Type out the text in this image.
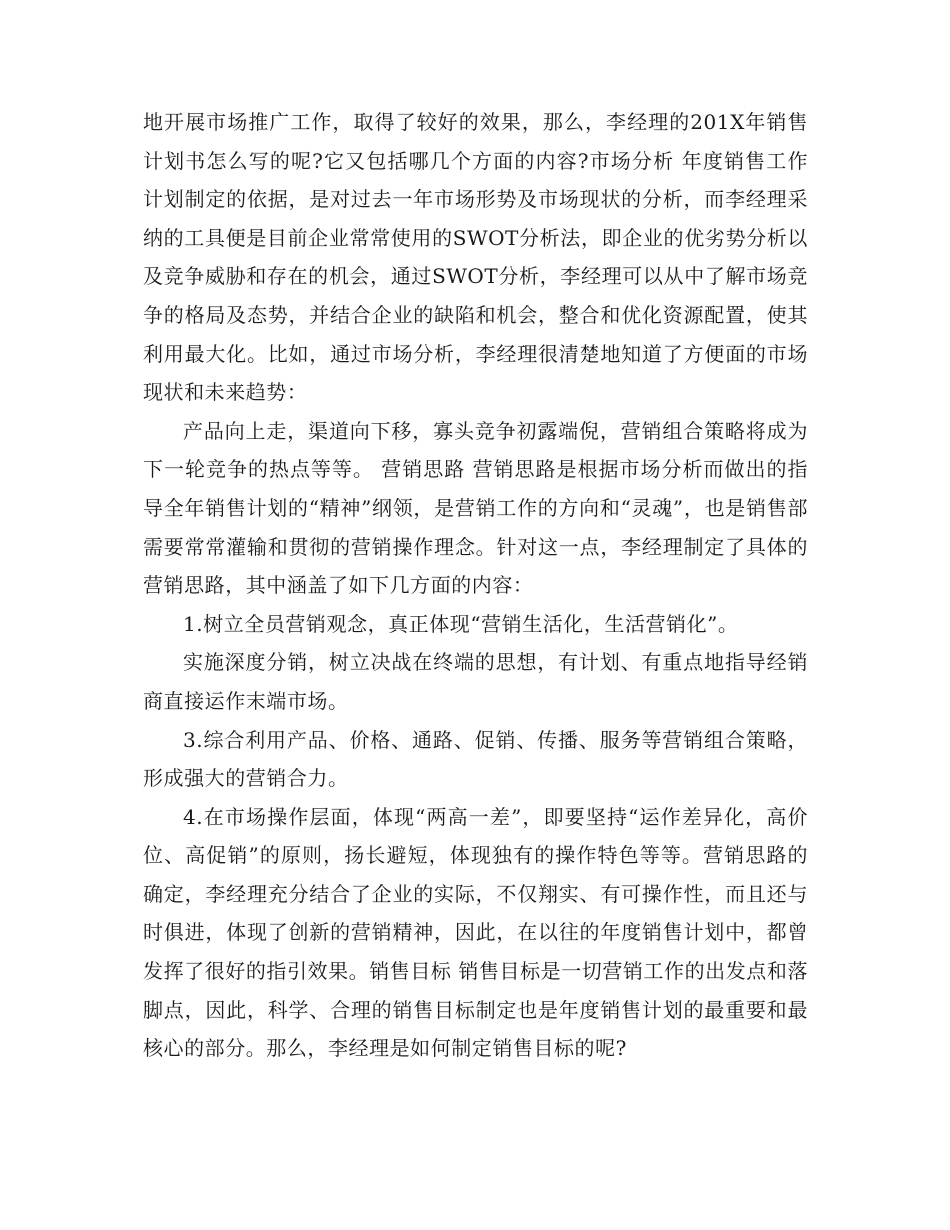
地开展市场推广工作，取得了较好的效果，那么，李经理的201X年销售计划书怎么写的呢?它又包括哪几个方面的内容?市场分析 年度销售工作计划制定的依据，是对过去一年市场形势及市场现状的分析，而李经理采纳的工具便是目前企业常常使用的SWOT分析法，即企业的优劣势分析以及竞争威胁和存在的机会，通过SWOT分析，李经理可以从中了解市场竞争的格局及态势，并结合企业的缺陷和机会，整合和优化资源配置，使其利用最大化。比如，通过市场分析，李经理很清楚地知道了方便面的市场现状和未来趋势：

产品向上走，渠道向下移，寡头竞争初露端倪，营销组合策略将成为下一轮竞争的热点等等。 营销思路 营销思路是根据市场分析而做出的指导全年销售计划的“精神”纲领，是营销工作的方向和“灵魂”，也是销售部需要常常灌输和贯彻的营销操作理念。针对这一点，李经理制定了具体的营销思路，其中涵盖了如下几方面的内容：

1.树立全员营销观念，真正体现“营销生活化，生活营销化”。

实施深度分销，树立决战在终端的思想，有计划、有重点地指导经销商直接运作末端市场。

3.综合利用产品、价格、通路、促销、传播、服务等营销组合策略，形成强大的营销合力。

4.在市场操作层面，体现“两高一差”，即要坚持“运作差异化，高价位、高促销”的原则，扬长避短，体现独有的操作特色等等。营销思路的确定，李经理充分结合了企业的实际，不仅翔实、有可操作性，而且还与时俱进，体现了创新的营销精神，因此，在以往的年度销售计划中，都曾发挥了很好的指引效果。销售目标 销售目标是一切营销工作的出发点和落脚点，因此，科学、合理的销售目标制定也是年度销售计划的最重要和最核心的部分。那么，李经理是如何制定销售目标的呢?
